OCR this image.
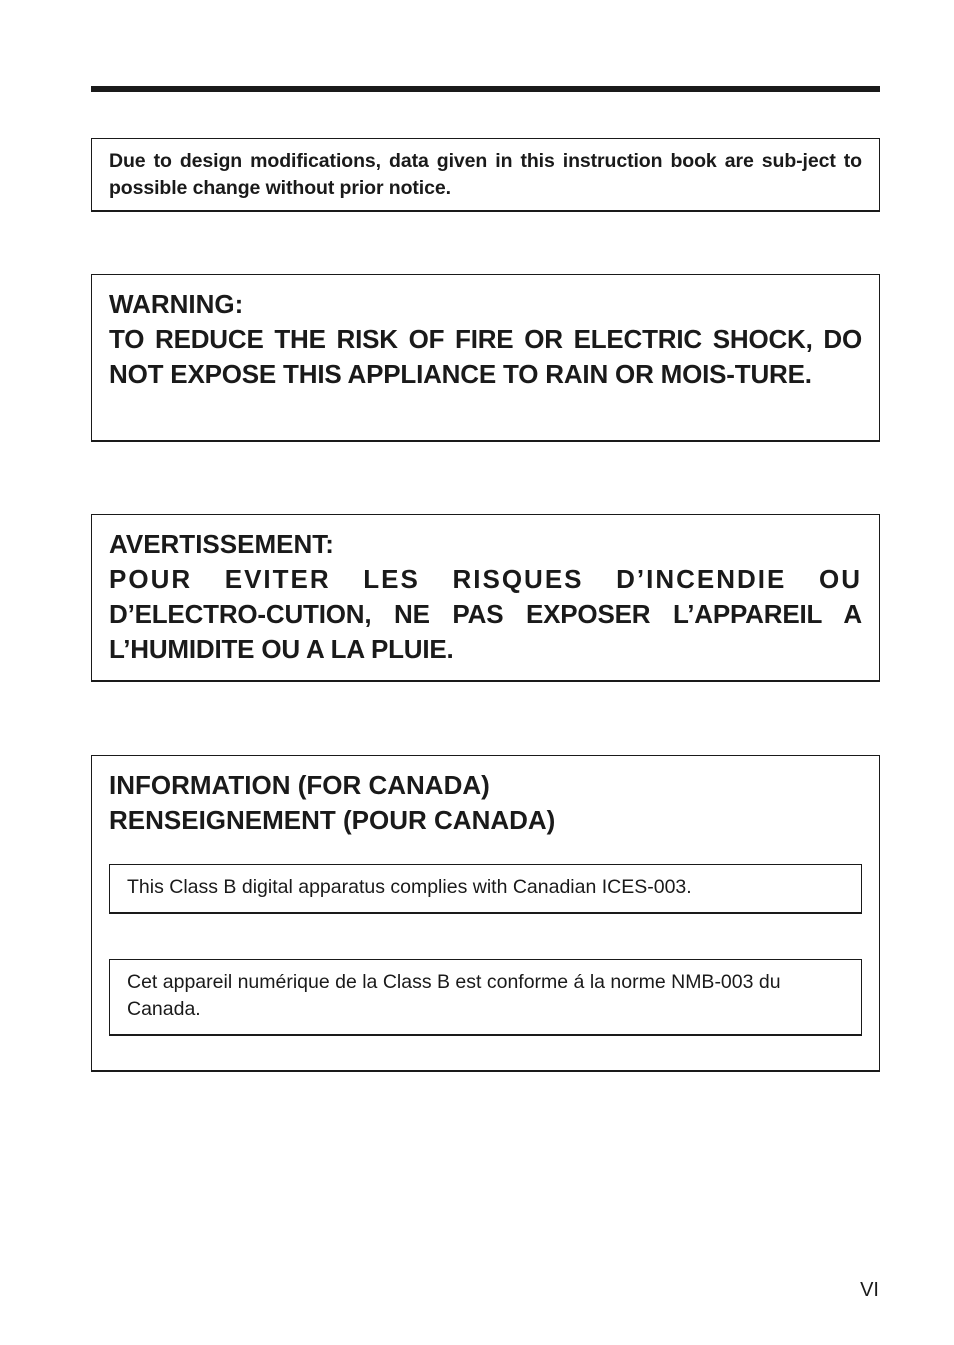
Due to design modifications, data given in this instruction book are sub-ject to possible change without prior notice.
WARNING:
TO REDUCE THE RISK OF FIRE OR ELECTRIC SHOCK, DO NOT EXPOSE THIS APPLIANCE TO RAIN OR MOIS-TURE.
AVERTISSEMENT:
POUR EVITER LES RISQUES D’INCENDIE OU
D’ELECTRO-CUTION, NE PAS EXPOSER L’APPAREIL A L’HUMIDITE OU A LA PLUIE.
INFORMATION (FOR CANADA)
RENSEIGNEMENT (POUR CANADA)
This Class B digital apparatus complies with Canadian ICES-003.
Cet appareil numérique de la Class B est conforme á la norme NMB-003 du Canada.
VI
